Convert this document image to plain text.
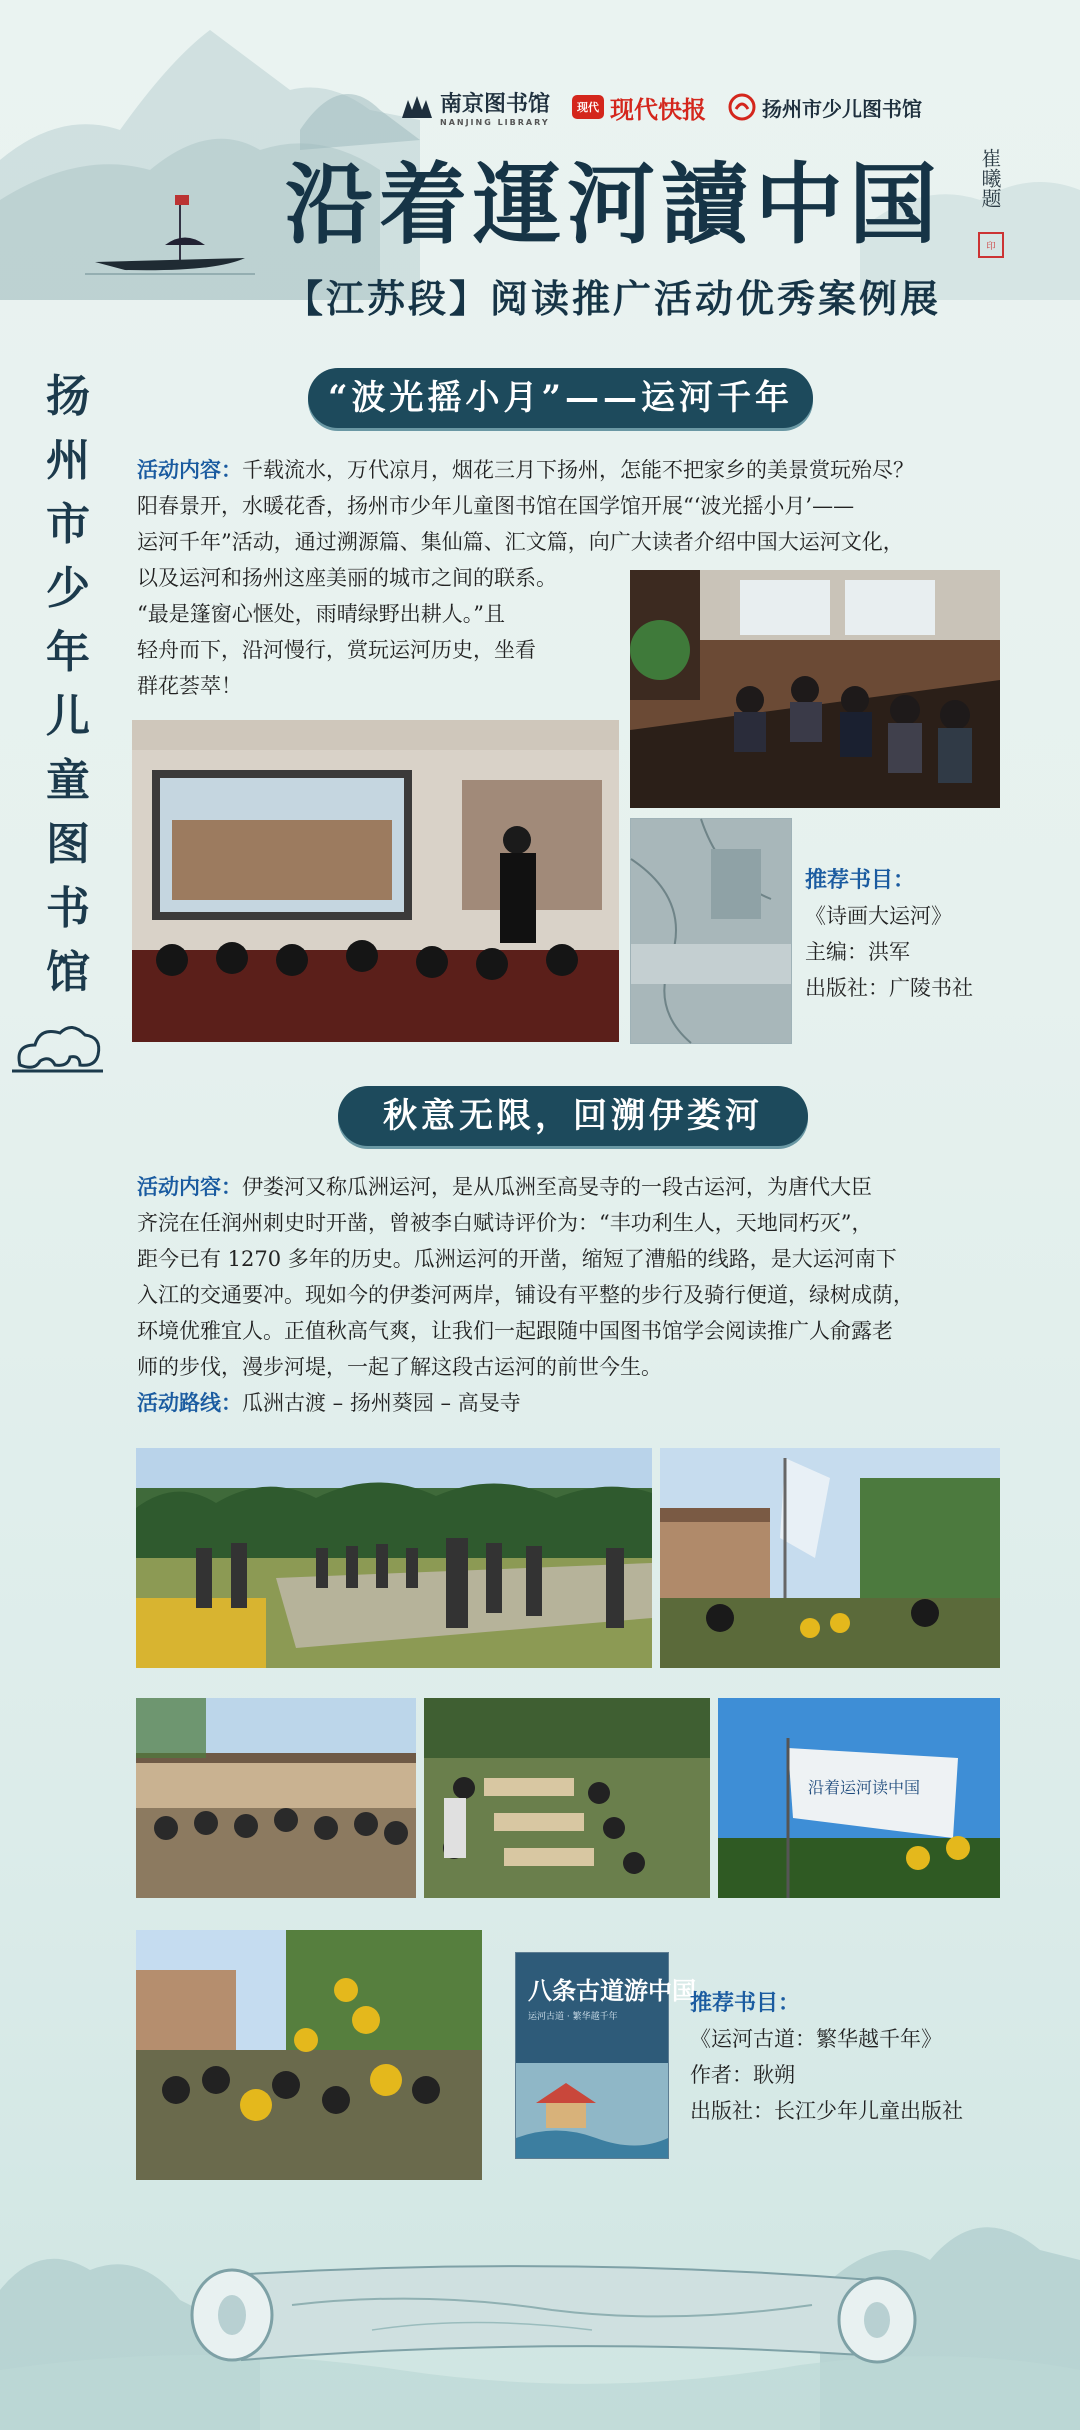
南京图书馆
NANJING LIBRARY
现代 现代快报	扬州市少儿图书馆
沿着運河讀中国	崔曦题
印
【江苏段】阅读推广活动优秀案例展
扬
州
市
少
年
儿
童
图
书
馆
“波光摇小月”——运河千年
活动内容：千载流水，万代凉月，烟花三月下扬州，怎能不把家乡的美景赏玩殆尽？
阳春景开，水暖花香，扬州市少年儿童图书馆在国学馆开展“‘波光摇小月’——
运河千年”活动，通过溯源篇、集仙篇、汇文篇，向广大读者介绍中国大运河文化，
以及运河和扬州这座美丽的城市之间的联系。
“最是篷窗心惬处，雨晴绿野出耕人。”且
轻舟而下，沿河慢行，赏玩运河历史，坐看
群花荟萃！
推荐书目：
《诗画大运河》
主编：洪军
出版社：广陵书社
秋意无限，回溯伊娄河
活动内容：伊娄河又称瓜洲运河，是从瓜洲至高旻寺的一段古运河，为唐代大臣
齐浣在任润州刺史时开凿，曾被李白赋诗评价为：“丰功利生人，天地同朽灭”，
距今已有 1270 多年的历史。瓜洲运河的开凿，缩短了漕船的线路，是大运河南下
入江的交通要冲。现如今的伊娄河两岸，铺设有平整的步行及骑行便道，绿树成荫，
环境优雅宜人。正值秋高气爽，让我们一起跟随中国图书馆学会阅读推广人俞露老
师的步伐，漫步河堤，一起了解这段古运河的前世今生。
活动路线：瓜洲古渡 – 扬州葵园 – 高旻寺
沿着运河读中国
八条古道游中国
运河古道 · 繁华越千年
推荐书目：
《运河古道：繁华越千年》
作者：耿朔
出版社：长江少年儿童出版社
